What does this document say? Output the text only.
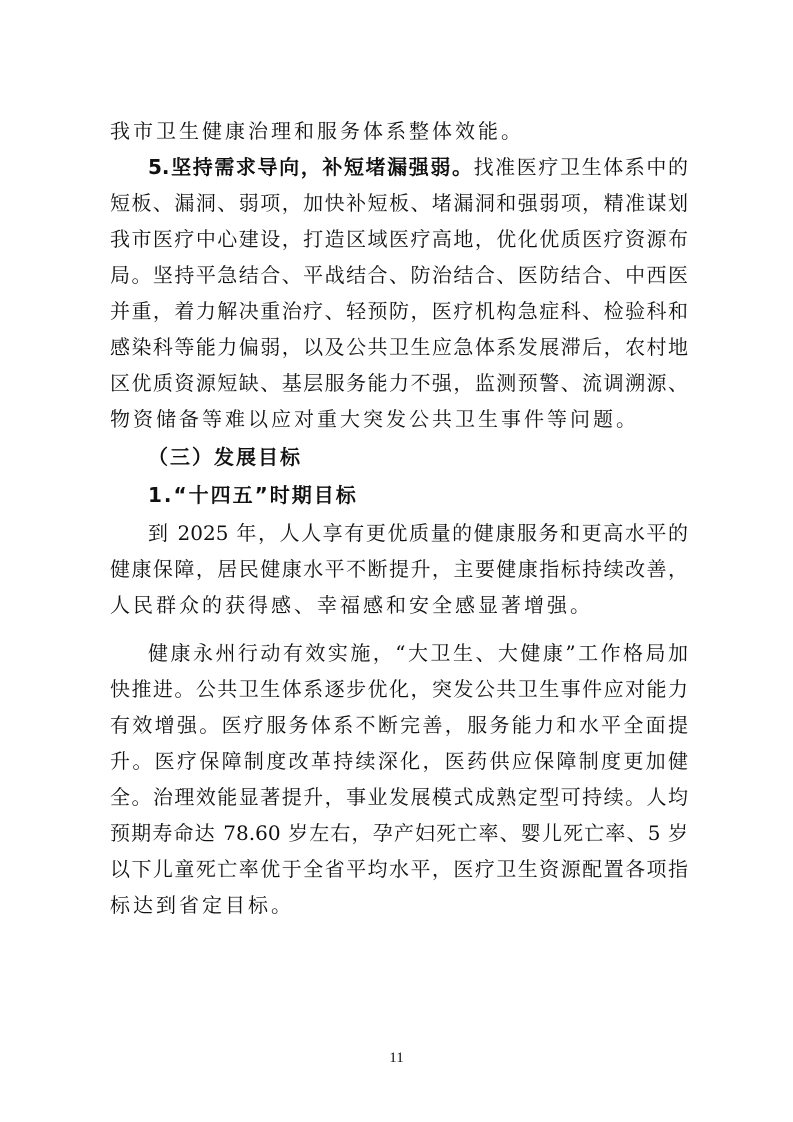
我市卫生健康治理和服务体系整体效能。
5.坚持需求导向，补短堵漏强弱。找准医疗卫生体系中的
短板、漏洞、弱项，加快补短板、堵漏洞和强弱项，精准谋划
我市医疗中心建设，打造区域医疗高地，优化优质医疗资源布
局。坚持平急结合、平战结合、防治结合、医防结合、中西医
并重，着力解决重治疗、轻预防，医疗机构急症科、检验科和
感染科等能力偏弱，以及公共卫生应急体系发展滞后，农村地
区优质资源短缺、基层服务能力不强，监测预警、流调溯源、
物资储备等难以应对重大突发公共卫生事件等问题。
（三）发展目标
1.“十四五”时期目标
到 2025 年，人人享有更优质量的健康服务和更高水平的
健康保障，居民健康水平不断提升，主要健康指标持续改善，
人民群众的获得感、幸福感和安全感显著增强。
健康永州行动有效实施，“大卫生、大健康”工作格局加
快推进。公共卫生体系逐步优化，突发公共卫生事件应对能力
有效增强。医疗服务体系不断完善，服务能力和水平全面提
升。医疗保障制度改革持续深化，医药供应保障制度更加健
全。治理效能显著提升，事业发展模式成熟定型可持续。人均
预期寿命达 78.60 岁左右，孕产妇死亡率、婴儿死亡率、5 岁
以下儿童死亡率优于全省平均水平，医疗卫生资源配置各项指
标达到省定目标。
11
